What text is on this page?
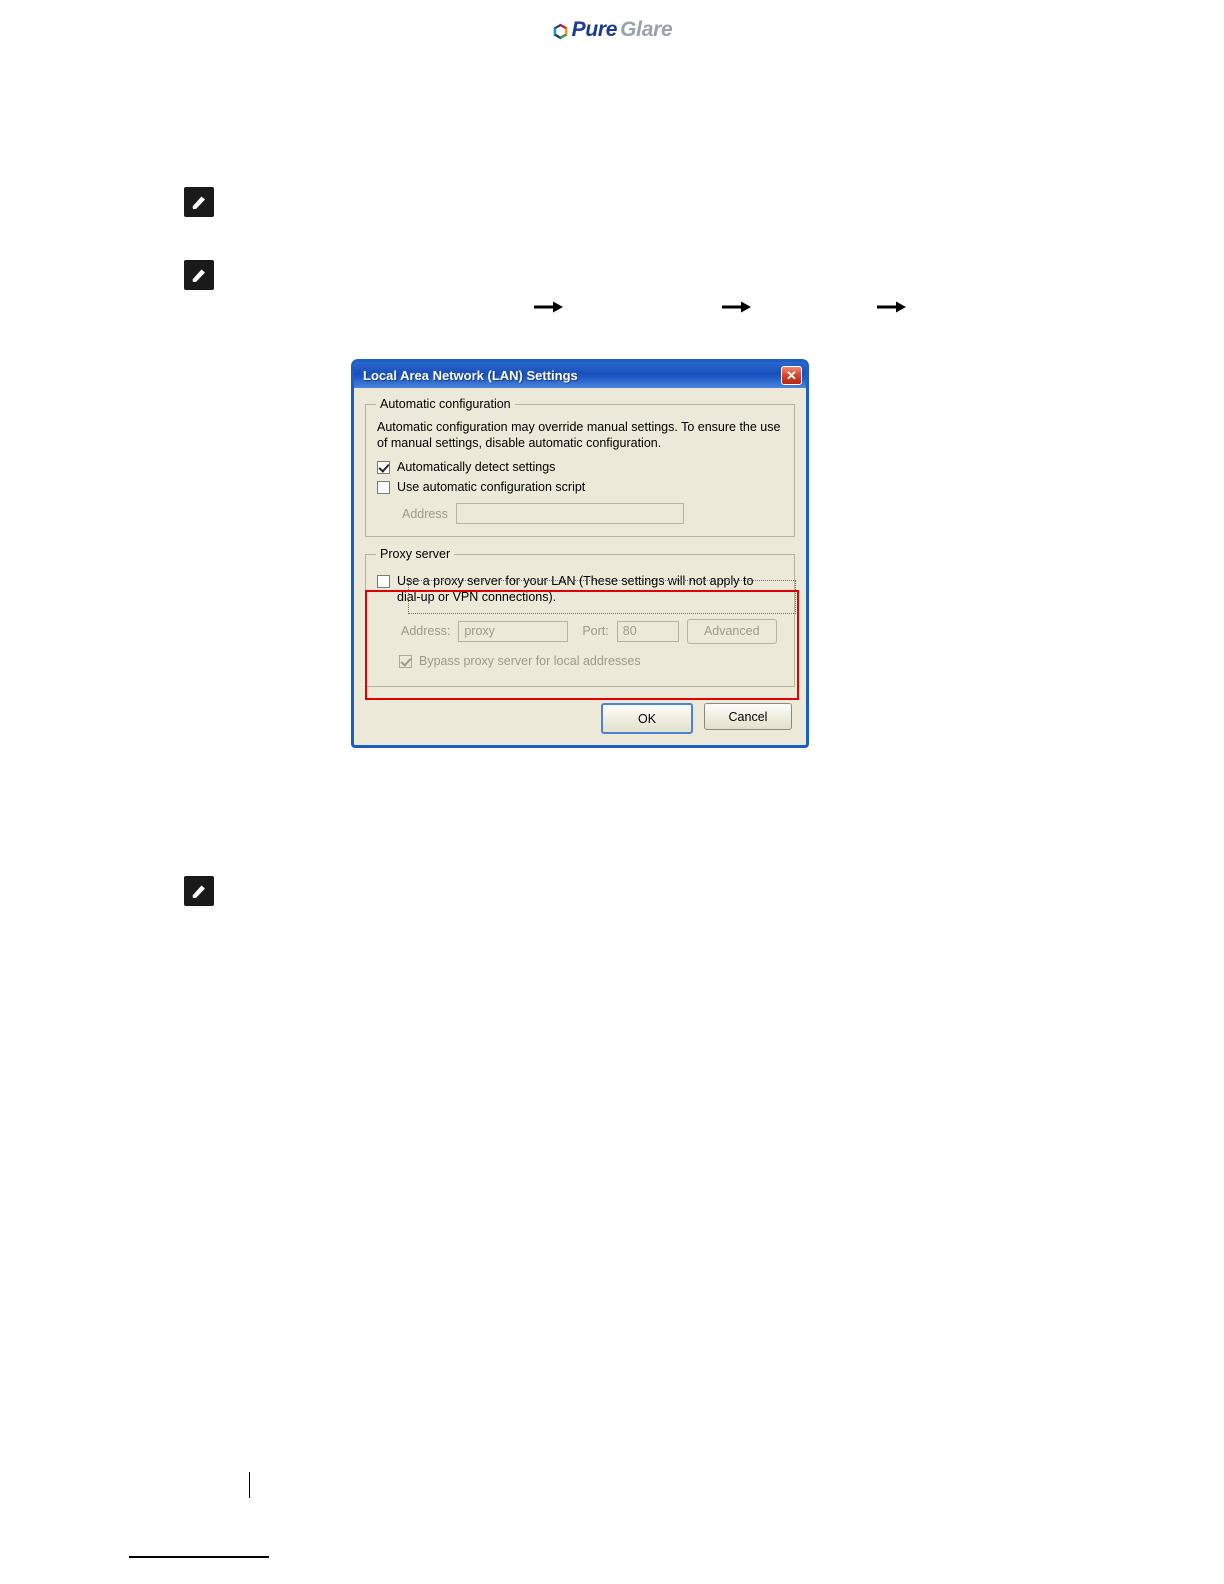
Pure Glare
Local Area Network (LAN) Settings	✕
Automatic configuration
Automatic configuration may override manual settings. To ensure the use of manual settings, disable automatic configuration.
Automatically detect settings
Use automatic configuration script
Address
Proxy server
Use a proxy server for your LAN (These settings will not apply to dial-up or VPN connections).
Address:	proxy	Port:	80	Advanced
Bypass proxy server for local addresses
OK	Cancel
